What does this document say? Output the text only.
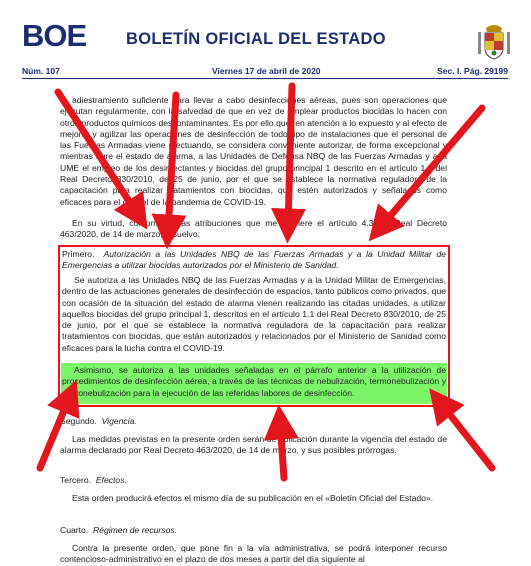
BOE BOLETÍN OFICIAL DEL ESTADO
Núm. 107	Viernes 17 de abril de 2020	Sec. I. Pág. 29199

adiestramiento suficiente para llevar a cabo desinfecciones aéreas, pues son operaciones que ejecutan regularmente, con la salvedad de que en vez de emplear productos biocidas lo hacen con otros productos químicos descontaminantes. Es por ello que, en atención a lo expuesto y al efecto de mejorar y agilizar las operaciones de desinfección de todo tipo de instalaciones que el personal de las Fuerzas Armadas viene efectuando, se considera conveniente autorizar, de forma excepcional y mientras dure el estado de alarma, a las Unidades de Defensa NBQ de las Fuerzas Armadas y a la UME el empleo de los desinfectantes y biocidas del grupo principal 1 descrito en el artículo 1.1 del Real Decreto 830/2010, de 25 de junio, por el que se establece la normativa reguladora de la capacitación para realizar tratamientos con biocidas, que estén autorizados y señalados como eficaces para el control de la pandemia de COVID-19.

En su virtud, conforme a las atribuciones que me confiere el artículo 4.3 del Real Decreto 463/2020, de 14 de marzo, resuelvo:

Primero. Autorización a las Unidades NBQ de las Fuerzas Armadas y a la Unidad Militar de Emergencias a utilizar biocidas autorizados por el Ministerio de Sanidad.

Se autoriza a las Unidades NBQ de las Fuerzas Armadas y a la Unidad Militar de Emergencias, dentro de las actuaciones generales de desinfección de espacios, tanto públicos como privados, que con ocasión de la situación del estado de alarma vienen realizando las citadas unidades, a utilizar aquellos biocidas del grupo principal 1, descritos en el artículo 1.1 del Real Decreto 830/2010, de 25 de junio, por el que se establece la normativa reguladora de la capacitación para realizar tratamientos con biocidas, que están autorizados y relacionados por el Ministerio de Sanidad como eficaces para la lucha contra el COVID-19.

Asimismo, se autoriza a las unidades señaladas en el párrafo anterior a la utilización de procedimientos de desinfección aérea, a través de las técnicas de nebulización, termonebulización y micronebulización para la ejecución de las referidas labores de desinfección.

Segundo. Vigencia.

Las medidas previstas en la presente orden serán de aplicación durante la vigencia del estado de alarma declarado por Real Decreto 463/2020, de 14 de marzo, y sus posibles prórrogas.

Tercero. Efectos.

Esta orden producirá efectos el mismo día de su publicación en el «Boletín Oficial del Estado».

Cuarto. Régimen de recursos.

Contra la presente orden, que pone fin a la vía administrativa, se podrá interponer recurso contencioso-administrativo en el plazo de dos meses a partir del día siguiente al
